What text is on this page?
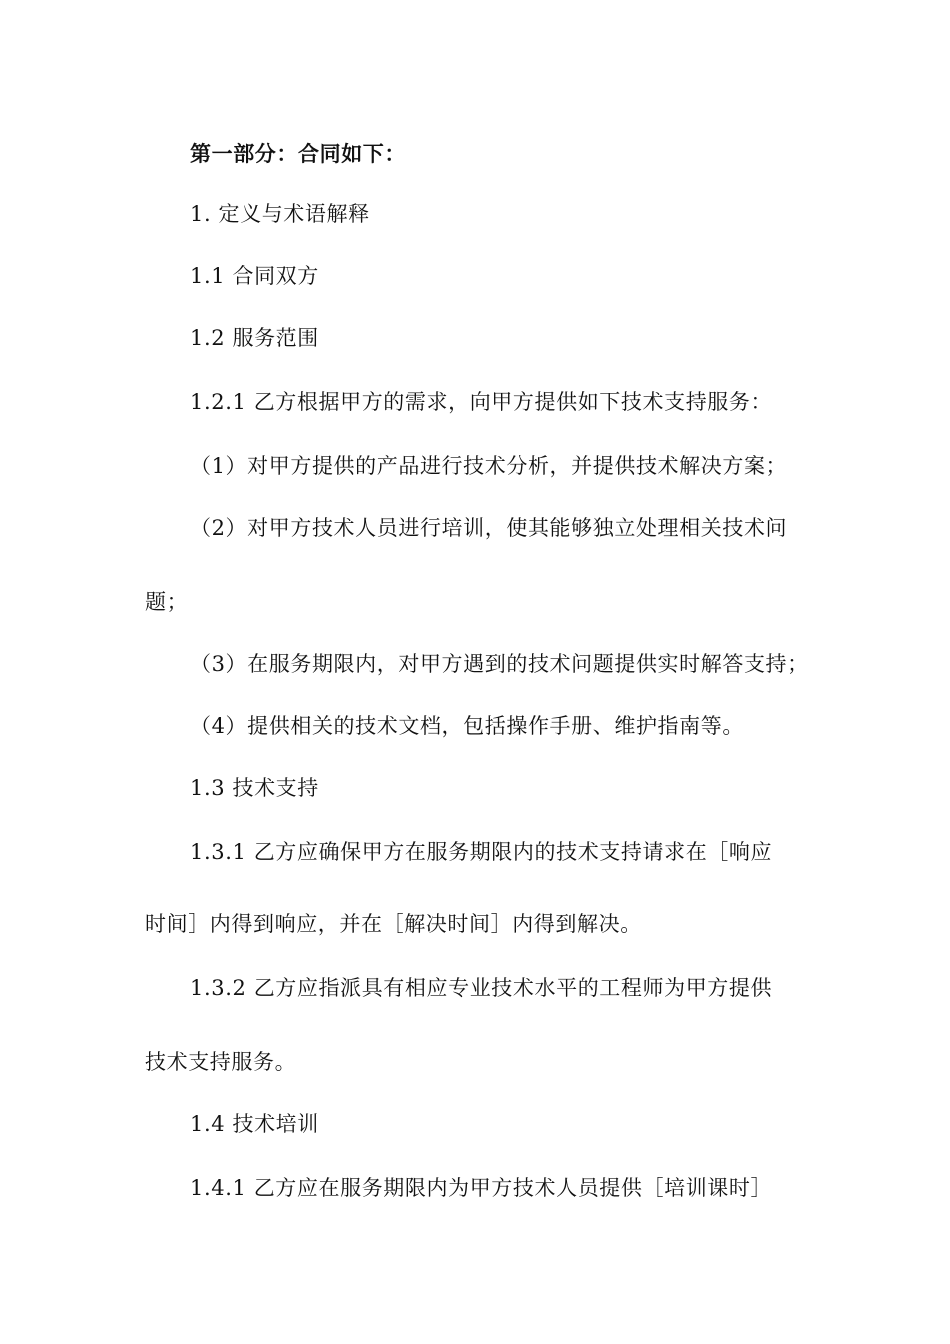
第一部分：合同如下：
1. 定义与术语解释
1.1 合同双方
1.2 服务范围
1.2.1 乙方根据甲方的需求，向甲方提供如下技术支持服务：
（1）对甲方提供的产品进行技术分析，并提供技术解决方案；
（2）对甲方技术人员进行培训，使其能够独立处理相关技术问
题；
（3）在服务期限内，对甲方遇到的技术问题提供实时解答支持；
（4）提供相关的技术文档，包括操作手册、维护指南等。
1.3 技术支持
1.3.1 乙方应确保甲方在服务期限内的技术支持请求在［响应
时间］内得到响应，并在［解决时间］内得到解决。
1.3.2 乙方应指派具有相应专业技术水平的工程师为甲方提供
技术支持服务。
1.4 技术培训
1.4.1 乙方应在服务期限内为甲方技术人员提供［培训课时］
